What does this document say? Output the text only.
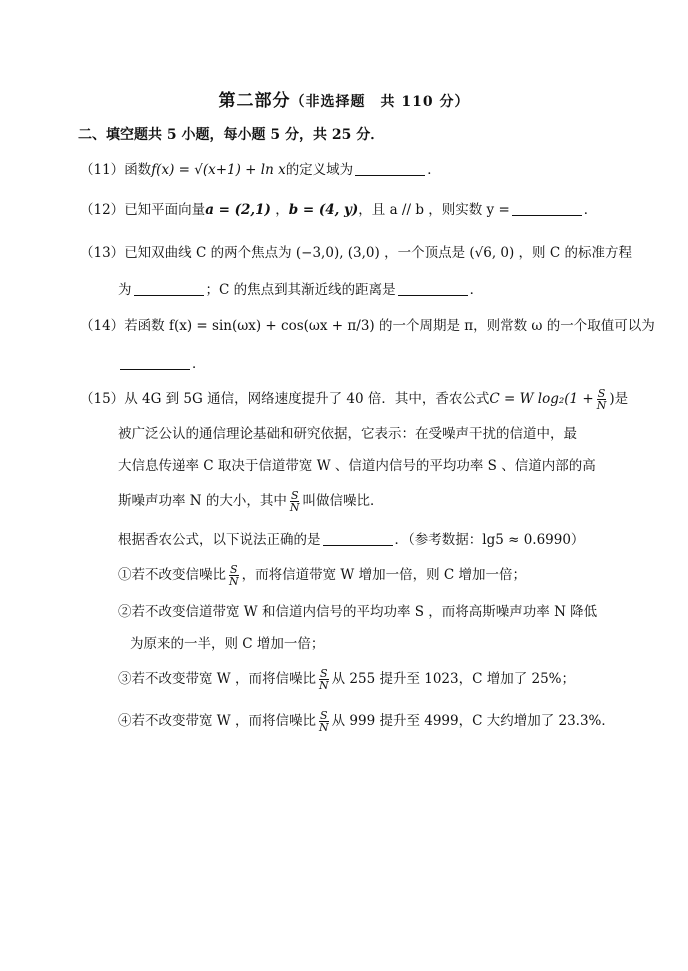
第二部分（非选择题　共 110 分）
二、填空题共 5 小题，每小题 5 分，共 25 分．
（11）函数f(x) = √(x+1) + ln x的定义域为	．
（12）已知平面向量a = (2,1) ，b = (4, y)，且 a // b ，则实数 y =	．
（13）已知双曲线 C 的两个焦点为 (−3,0), (3,0) ，一个顶点是 (√6, 0) ，则 C 的标准方程
为	；C 的焦点到其渐近线的距离是	．
（14）若函数 f(x) = sin(ωx) + cos(ωx + π/3) 的一个周期是 π，则常数 ω 的一个取值可以为
．
（15）从 4G 到 5G 通信，网络速度提升了 40 倍．其中，香农公式C = W $\log_2(1 + \frac{S}{N}$ )是
被广泛公认的通信理论基础和研究依据，它表示：在受噪声干扰的信道中，最
大信息传递率 C 取决于信道带宽 W 、信道内信号的平均功率 S 、信道内部的高
斯噪声功率 N 的大小，其中 $\frac{S}{N}$ 叫做信噪比．
根据香农公式，以下说法正确的是	．（参考数据：lg5 ≈ 0.6990）
①若不改变信噪比 $\frac{S}{N}$ ，而将信道带宽 W 增加一倍，则 C 增加一倍；
②若不改变信道带宽 W 和信道内信号的平均功率 S ，而将高斯噪声功率 N 降低
为原来的一半，则 C 增加一倍；
③若不改变带宽 W ，而将信噪比 $\frac{S}{N}$ 从 255 提升至 1023，C 增加了 25%；
④若不改变带宽 W ，而将信噪比 $\frac{S}{N}$ 从 999 提升至 4999，C 大约增加了 23.3%．
